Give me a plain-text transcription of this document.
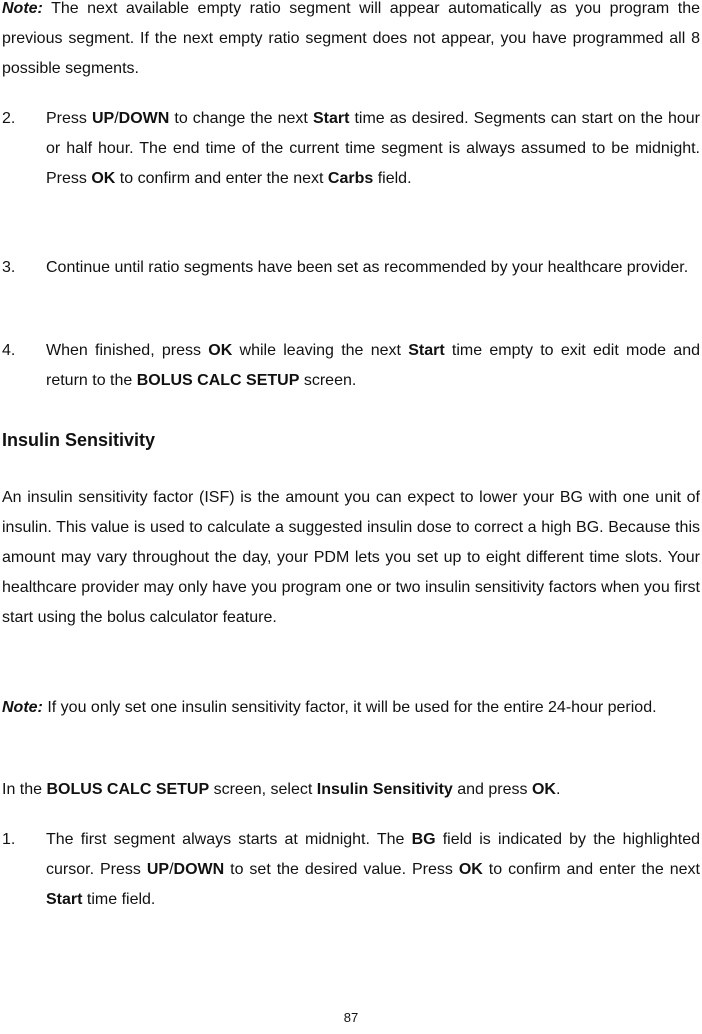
Note: The next available empty ratio segment will appear automatically as you program the previous segment. If the next empty ratio segment does not appear, you have programmed all 8 possible segments.

2.	Press UP/DOWN to change the next Start time as desired. Segments can start on the hour or half hour. The end time of the current time segment is always assumed to be midnight. Press OK to confirm and enter the next Carbs field.
3.	Continue until ratio segments have been set as recommended by your healthcare provider.
4.	When finished, press OK while leaving the next Start time empty to exit edit mode and return to the BOLUS CALC SETUP screen.
Insulin Sensitivity

An insulin sensitivity factor (ISF) is the amount you can expect to lower your BG with one unit of insulin. This value is used to calculate a suggested insulin dose to correct a high BG. Because this amount may vary throughout the day, your PDM lets you set up to eight different time slots. Your healthcare provider may only have you program one or two insulin sensitivity factors when you first start using the bolus calculator feature.

Note: If you only set one insulin sensitivity factor, it will be used for the entire 24-hour period.

In the BOLUS CALC SETUP screen, select Insulin Sensitivity and press OK.

1.	The first segment always starts at midnight. The BG field is indicated by the highlighted cursor. Press UP/DOWN to set the desired value. Press OK to confirm and enter the next Start time field.
87
